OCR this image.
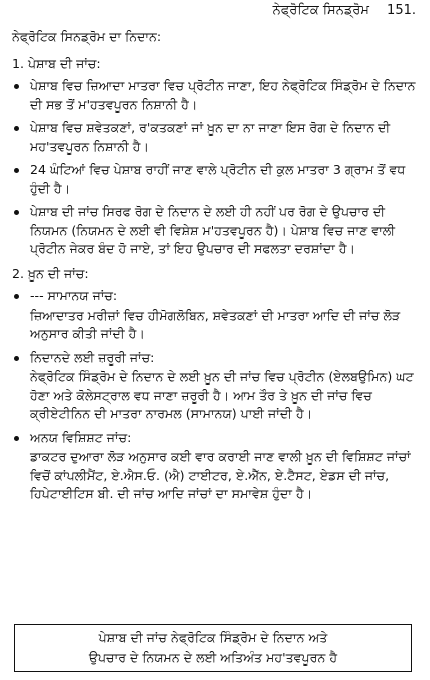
ਨੇਫ੍ਰੋਟਿਕ ਸਿਨਡ੍ਰੋਮ 151.
ਨੇਫ੍ਰੋਟਿਕ ਸਿਨਡ੍ਰੋਮ ਦਾ ਨਿਦਾਨ:
1. ਪੇਸ਼ਾਬ ਦੀ ਜਾਂਚ:
ਪੇਸ਼ਾਬ ਵਿਚ ਜ਼ਿਆਦਾ ਮਾਤਰਾ ਵਿਚ ਪ੍ਰੋਟੀਨ ਜਾਣਾ, ਇਹ ਨੇਫ੍ਰੋਟਿਕ ਸਿੰਡ੍ਰੋਮ ਦੇ ਨਿਦਾਨ ਦੀ ਸਭ ਤੋਂ ਮ'ਹਤਵਪੂਰਨ ਨਿਸ਼ਾਨੀ ਹੈ।
ਪੇਸ਼ਾਬ ਵਿਚ ਸ਼ਵੇਤਕਣਾਂ, ਰ'ਕਤਕਣਾਂ ਜਾਂ ਖ਼ੂਨ ਦਾ ਨਾ ਜਾਣਾ ਇਸ ਰੋਗ ਦੇ ਨਿਦਾਨ ਦੀ ਮਹ'ਤਵਪੂਰਨ ਨਿਸ਼ਾਨੀ ਹੈ।
24 ਘੰਟਿਆਂ ਵਿਚ ਪੇਸ਼ਾਬ ਰਾਹੀਂ ਜਾਣ ਵਾਲੇ ਪ੍ਰੋਟੀਨ ਦੀ ਕੁਲ ਮਾਤਰਾ 3 ਗ੍ਰਾਮ ਤੋਂ ਵਧ ਹੁੰਦੀ ਹੈ।
ਪੇਸ਼ਾਬ ਦੀ ਜਾਂਚ ਸਿਰਫ ਰੋਗ ਦੇ ਨਿਦਾਨ ਦੇ ਲਈ ਹੀ ਨਹੀਂ ਪਰ ਰੋਗ ਦੇ ਉਪਚਾਰ ਦੀ ਨਿਯਮਨ (ਨਿਯਮਨ ਦੇ ਲਈ ਵੀ ਵਿਸ਼ੇਸ਼ ਮ'ਹਤਵਪੂਰਨ ਹੈ)। ਪੇਸ਼ਾਬ ਵਿਚ ਜਾਣ ਵਾਲੀ ਪ੍ਰੋਟੀਨ ਜੇਕਰ ਬੰਦ ਹੋ ਜਾਏ, ਤਾਂ ਇਹ ਉਪਚਾਰ ਦੀ ਸਫਲਤਾ ਦਰਸ਼ਾਂਦਾ ਹੈ।
2. ਖ਼ੂਨ ਦੀ ਜਾਂਚ:
--- ਸਾਮਾਨਯ ਜਾਂਚ:
ਜ਼ਿਆਦਾਤਰ ਮਰੀਜ਼ਾਂ ਵਿਚ ਹੀਮੋਗਲੋਬਿਨ, ਸ਼ਵੇਤਕਣਾਂ ਦੀ ਮਾਤਰਾ ਆਦਿ ਦੀ ਜਾਂਚ ਲੋੜ ਅਨੁਸਾਰ ਕੀਤੀ ਜਾਂਦੀ ਹੈ।
ਨਿਦਾਨਦੇ ਲਈ ਜ਼ਰੂਰੀ ਜਾਂਚ:
ਨੇਫ੍ਰੋਟਿਕ ਸਿੰਡ੍ਰੋਮ ਦੇ ਨਿਦਾਨ ਦੇ ਲਈ ਖ਼ੂਨ ਦੀ ਜਾਂਚ ਵਿਚ ਪ੍ਰੋਟੀਨ (ਏਲਬਉਮਿਨ) ਘਟ ਹੋਣਾ ਅਤੇ ਕੋਲੇਸਟ੍ਰਾਲ ਵਧ ਜਾਣਾ ਜ਼ਰੂਰੀ ਹੈ। ਆਮ ਤੌਰ ਤੇ ਖ਼ੂਨ ਦੀ ਜਾਂਚ ਵਿਚ ਕ੍ਰੀਏਟੀਨਿਨ ਦੀ ਮਾਤਰਾ ਨਾਰਮਲ (ਸਾਮਾਨਯ) ਪਾਈ ਜਾਂਦੀ ਹੈ।
ਅਨਯ ਵਿਸ਼ਿਸ਼ਟ ਜਾਂਚ:
ਡਾਕਟਰ ਦੁਆਰਾ ਲੋੜ ਅਨੁਸਾਰ ਕਈ ਵਾਰ ਕਰਾਈ ਜਾਣ ਵਾਲੀ ਖ਼ੂਨ ਦੀ ਵਿਸ਼ਿਸ਼ਟ ਜਾਂਚਾਂ ਵਿਚੋਂ ਕਾਂਪਲੀਮੈਂਟ, ਏ.ਐਸ.ਓ. (ਐ) ਟਾਈਟਰ, ਏ.ਐੱਨ, ਏ.ਟੈਸਟ, ਏਡਸ ਦੀ ਜਾਂਚ, ਹਿਪੇਟਾਈਟਿਸ ਬੀ. ਦੀ ਜਾਂਚ ਆਦਿ ਜਾਂਚਾਂ ਦਾ ਸਮਾਵੇਸ਼ ਹੁੰਦਾ ਹੈ।
ਪੇਸ਼ਾਬ ਦੀ ਜਾਂਚ ਨੇਫ੍ਰੋਟਿਕ ਸਿੰਡ੍ਰੋਮ ਦੇ ਨਿਦਾਨ ਅਤੇ
ਉਪਚਾਰ ਦੇ ਨਿਯਮਨ ਦੇ ਲਈ ਅਤਿਅੰਤ ਮਹ'ਤਵਪੂਰਨ ਹੈ
